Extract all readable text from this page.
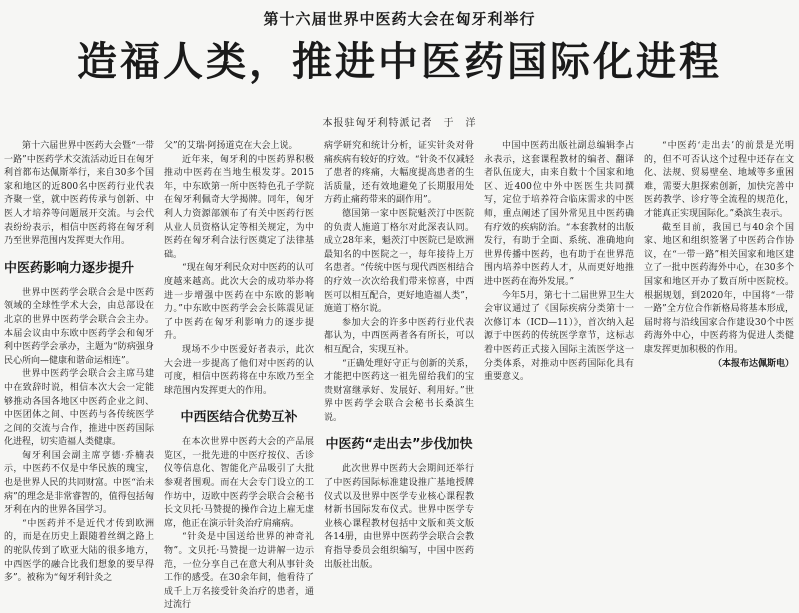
第十六届世界中医药大会在匈牙利举行
造福人类，推进中医药国际化进程
本报驻匈牙利特派记者　于　洋

第十六届世界中医药大会暨“一带一路”中医药学术交流活动近日在匈牙利首都布达佩斯举行，来自30多个国家和地区的近800名中医药行业代表齐聚一堂，就中医药传承与创新、中医人才培养等问题展开交流。与会代表纷纷表示，相信中医药将在匈牙利乃至世界范围内发挥更大作用。

中医药影响力逐步提升

世界中医药学会联合会是中医药领域的全球性学术大会，由总部设在北京的世界中医药学会联合会主办。本届会议由中东欧中医药学会和匈牙利中医药学会承办，主题为“防病强身民心所向—健康和谐命运相连”。

世界中医药学会联合会主席马建中在致辞时说，相信本次大会一定能够推动各国各地区中医药企业之间、中医团体之间、中医药与各传统医学之间的交流与合作，推进中医药国际化进程，切实造福人类健康。

匈牙利国会副主席亨德·乔楠表示，中医药不仅是中华民族的瑰宝，也是世界人民的共同财富。中医“治未病”的理念是非常睿智的，值得包括匈牙利在内的世界各国学习。

“中医药并不是近代才传到欧洲的，而是在历史上跟随着丝绸之路上的驼队传到了欧亚大陆的很多地方，中西医学的融合比我们想象的要早得多”。被称为“匈牙利针灸之

父”的艾瑞·阿扬道克在大会上说。

近年来，匈牙利的中医药界积极推动中医药在当地生根发芽。2015年，中东欧第一所中医特色孔子学院在匈牙利佩奇大学揭牌。同年，匈牙利人力资源部颁布了有关中医药行医从业人员资格认定等相关规定，为中医药在匈牙利合法行医奠定了法律基础。

“现在匈牙利民众对中医药的认可度越来越高。此次大会的成功举办将进一步增强中医药在中东欧的影响力。”中东欧中医药学会会长陈震见证了中医药在匈牙利影响力的逐步提升。

现场不少中医爱好者表示，此次大会进一步提高了他们对中医药的认可度，相信中医药将在中东欧乃至全球范围内发挥更大的作用。

中西医结合优势互补

在本次世界中医药大会的产品展览区，一批先进的中医疗按仪、舌诊仪等信息化、智能化产品吸引了大批参观者围观。而在大会专门设立的工作坊中，迈欧中医药学会联合会秘书长文贝托·马赞提的操作合边上雇无虚席，他正在演示针灸治疗肩痛病。

“针灸是中国送给世界的神奇礼物”。文贝托·马赞提一边讲解一边示范，一位分享自己在意大利从事针灸工作的感受。在30余年间，他看待了成千上万名接受针灸治疗的患者，通过流行

病学研究和统计分析，证实针灸对骨痛疾病有较好的疗效。“针灸不仅减轻了患者的疼痛，大幅度提高患者的生活质量，还有效地避免了长期服用处方药止痛药带来的副作用”。

德国第一家中医院魁茨汀中医院的负责人施道丁格尔对此深表认同。成立28年来，魁茨汀中医院已是欧洲最知名的中医院之一，每年接待上万名患者。“传统中医与现代西医相结合的疗效一次次给我们带来惊喜，中西医可以相互配合，更好地造福人类”，施道丁格尔说。

参加大会的许多中医药行业代表都认为，中西医两者各有所长，可以相互配合，实现互补。

“正确处理好守正与创新的关系，才能把中医药这一祖先留给我们的宝贵财富继承好、发展好、利用好。”世界中医药学会联合会秘书长桑滨生说。

中医药“走出去”步伐加快

此次世界中医药大会期间还举行了中医药国际标准建设推广基地授牌仪式以及世界中医学专业核心课程教材新书国际发布仪式。世界中医学专业核心课程教材包括中文版和英文版各14册，由世界中医药学会联合会教育指导委员会组织编写，中国中医药出版社出版。

中国中医药出版社副总编辑李占永表示，这套课程教材的编者、翻译者队伍庞大，由来自数十个国家和地区、近400位中外中医医生共同撰写，定位于培养符合临床需求的中医师，重点阐述了国外常见且中医药确有疗效的疾病防治。“本套教材的出版发行，有助于全面、系统、准确地向世界传播中医药，也有助于在世界范围内培养中医药人才，从而更好地推进中医药在海外发展。”

今年5月，第七十二届世界卫生大会审议通过了《国际疾病分类第十一次修订本（ICD—11）》，首次纳入起源于中医药的传统医学章节，这标志着中医药正式接入国际主流医学这一分类体系，对推动中医药国际化具有重要意义。

“中医药‘走出去’的前景是光明的，但不可否认这个过程中还存在文化、法规、贸易壁垒、地域等多重困难，需要大胆探索创新，加快完善中医药教学、诊疗等全流程的规范化，才能真正实现国际化。”桑滨生表示。

截至目前，我国已与40余个国家、地区和组织签署了中医药合作协议，在“一带一路”相关国家和地区建立了一批中医药海外中心，在30多个国家和地区开办了数百所中医院校。根据规划，到2020年，中国将“一带一路”全方位合作新格局将基本形成，届时将与沿线国家合作建设30个中医药海外中心，中医药将为促进人类健康发挥更加积极的作用。

（本报布达佩斯电）
